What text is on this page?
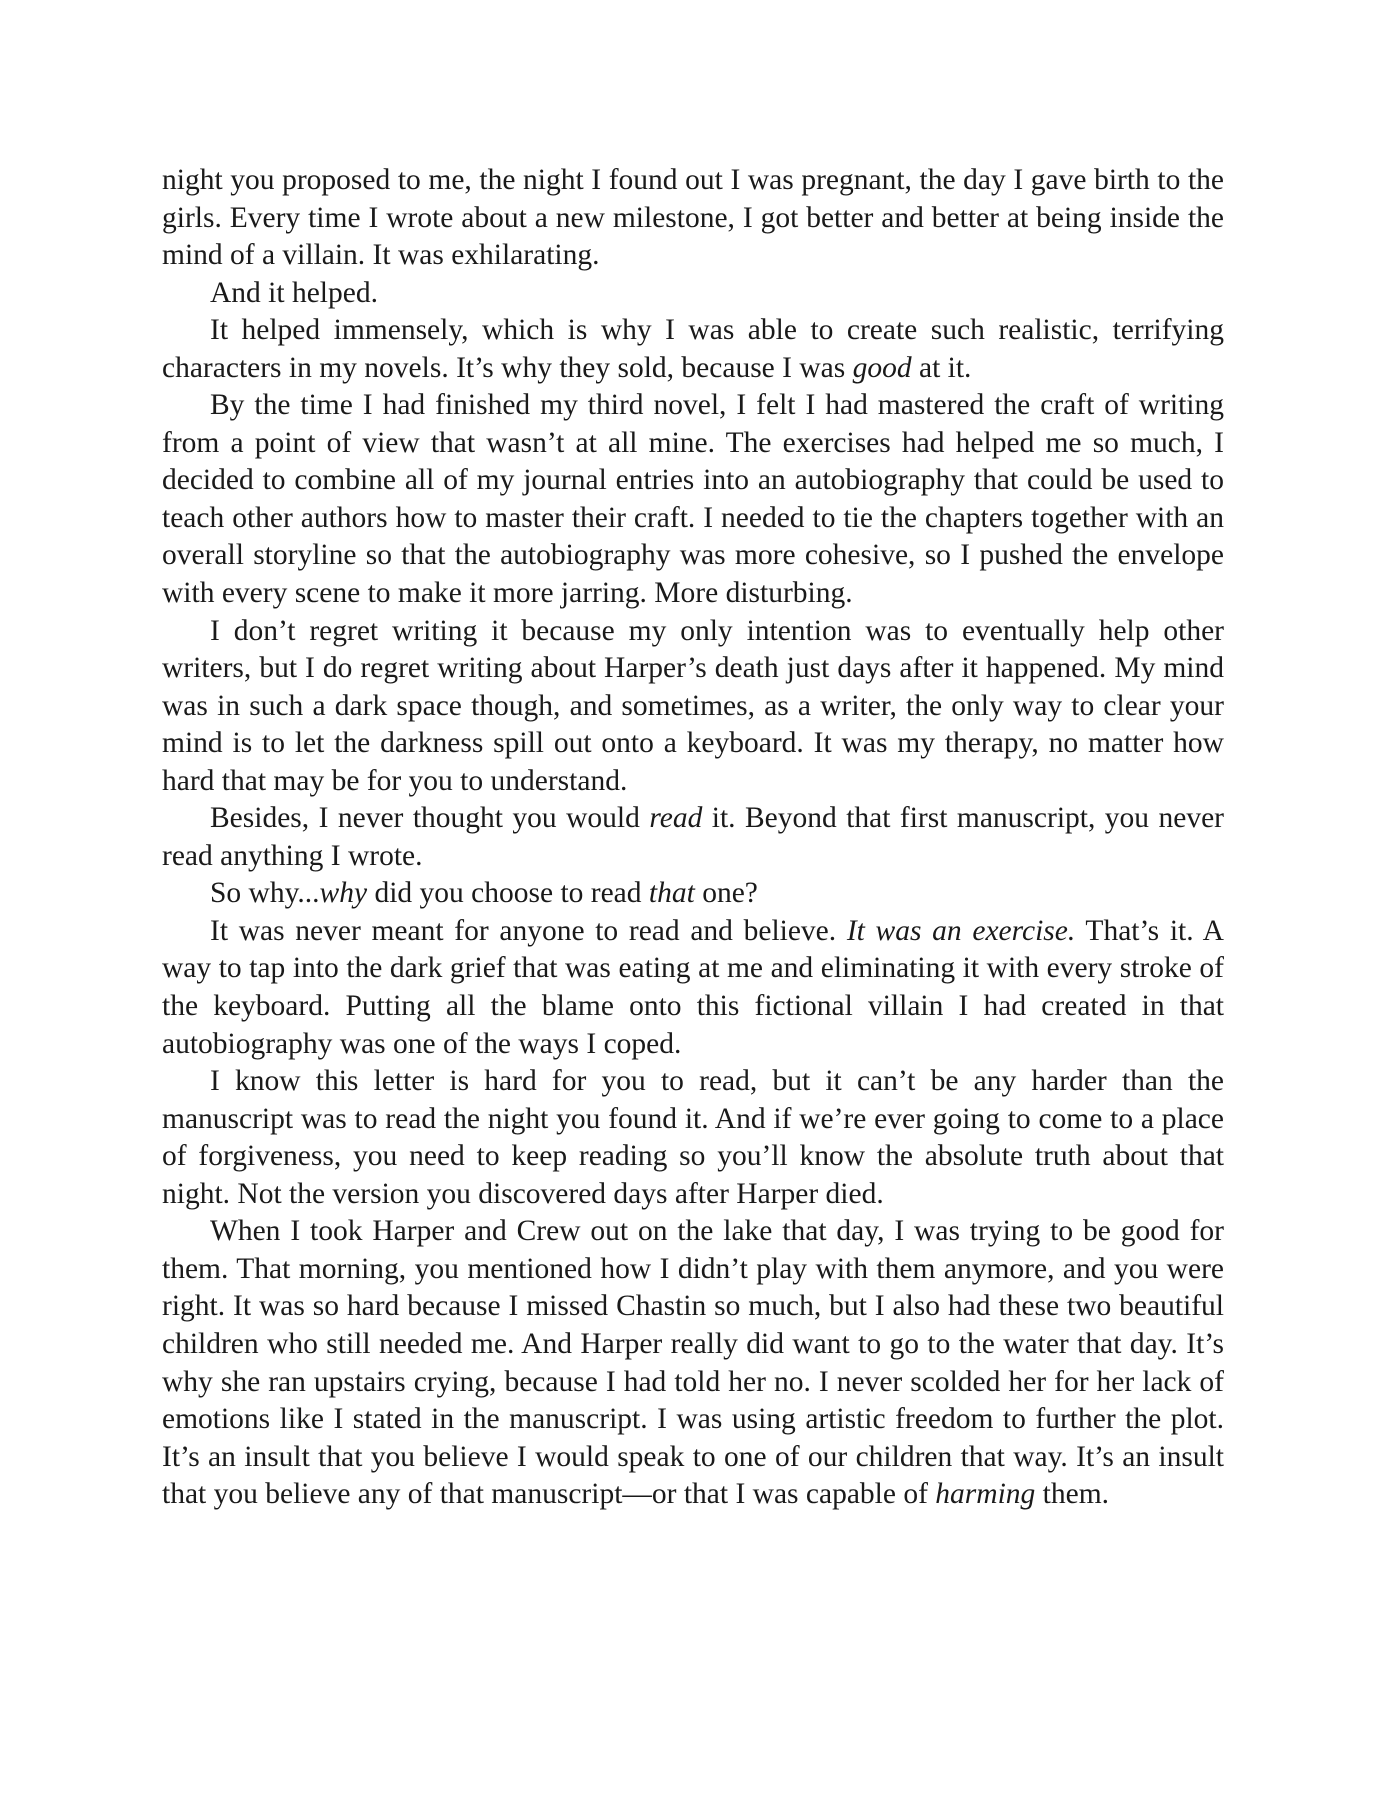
night you proposed to me, the night I found out I was pregnant, the day I gave birth to the girls. Every time I wrote about a new milestone, I got better and better at being inside the mind of a villain. It was exhilarating.

And it helped.

It helped immensely, which is why I was able to create such realistic, terrifying characters in my novels. It’s why they sold, because I was good at it.

By the time I had finished my third novel, I felt I had mastered the craft of writing from a point of view that wasn’t at all mine. The exercises had helped me so much, I decided to combine all of my journal entries into an autobiography that could be used to teach other authors how to master their craft. I needed to tie the chapters together with an overall storyline so that the autobiography was more cohesive, so I pushed the envelope with every scene to make it more jarring. More disturbing.

I don’t regret writing it because my only intention was to eventually help other writers, but I do regret writing about Harper’s death just days after it happened. My mind was in such a dark space though, and sometimes, as a writer, the only way to clear your mind is to let the darkness spill out onto a keyboard. It was my therapy, no matter how hard that may be for you to understand.

Besides, I never thought you would read it. Beyond that first manuscript, you never read anything I wrote.

So why...why did you choose to read that one?

It was never meant for anyone to read and believe. It was an exercise. That’s it. A way to tap into the dark grief that was eating at me and eliminating it with every stroke of the keyboard. Putting all the blame onto this fictional villain I had created in that autobiography was one of the ways I coped.

I know this letter is hard for you to read, but it can’t be any harder than the manuscript was to read the night you found it. And if we’re ever going to come to a place of forgiveness, you need to keep reading so you’ll know the absolute truth about that night. Not the version you discovered days after Harper died.

When I took Harper and Crew out on the lake that day, I was trying to be good for them. That morning, you mentioned how I didn’t play with them anymore, and you were right. It was so hard because I missed Chastin so much, but I also had these two beautiful children who still needed me. And Harper really did want to go to the water that day. It’s why she ran upstairs crying, because I had told her no. I never scolded her for her lack of emotions like I stated in the manuscript. I was using artistic freedom to further the plot. It’s an insult that you believe I would speak to one of our children that way. It’s an insult that you believe any of that manuscript—or that I was capable of harming them.
